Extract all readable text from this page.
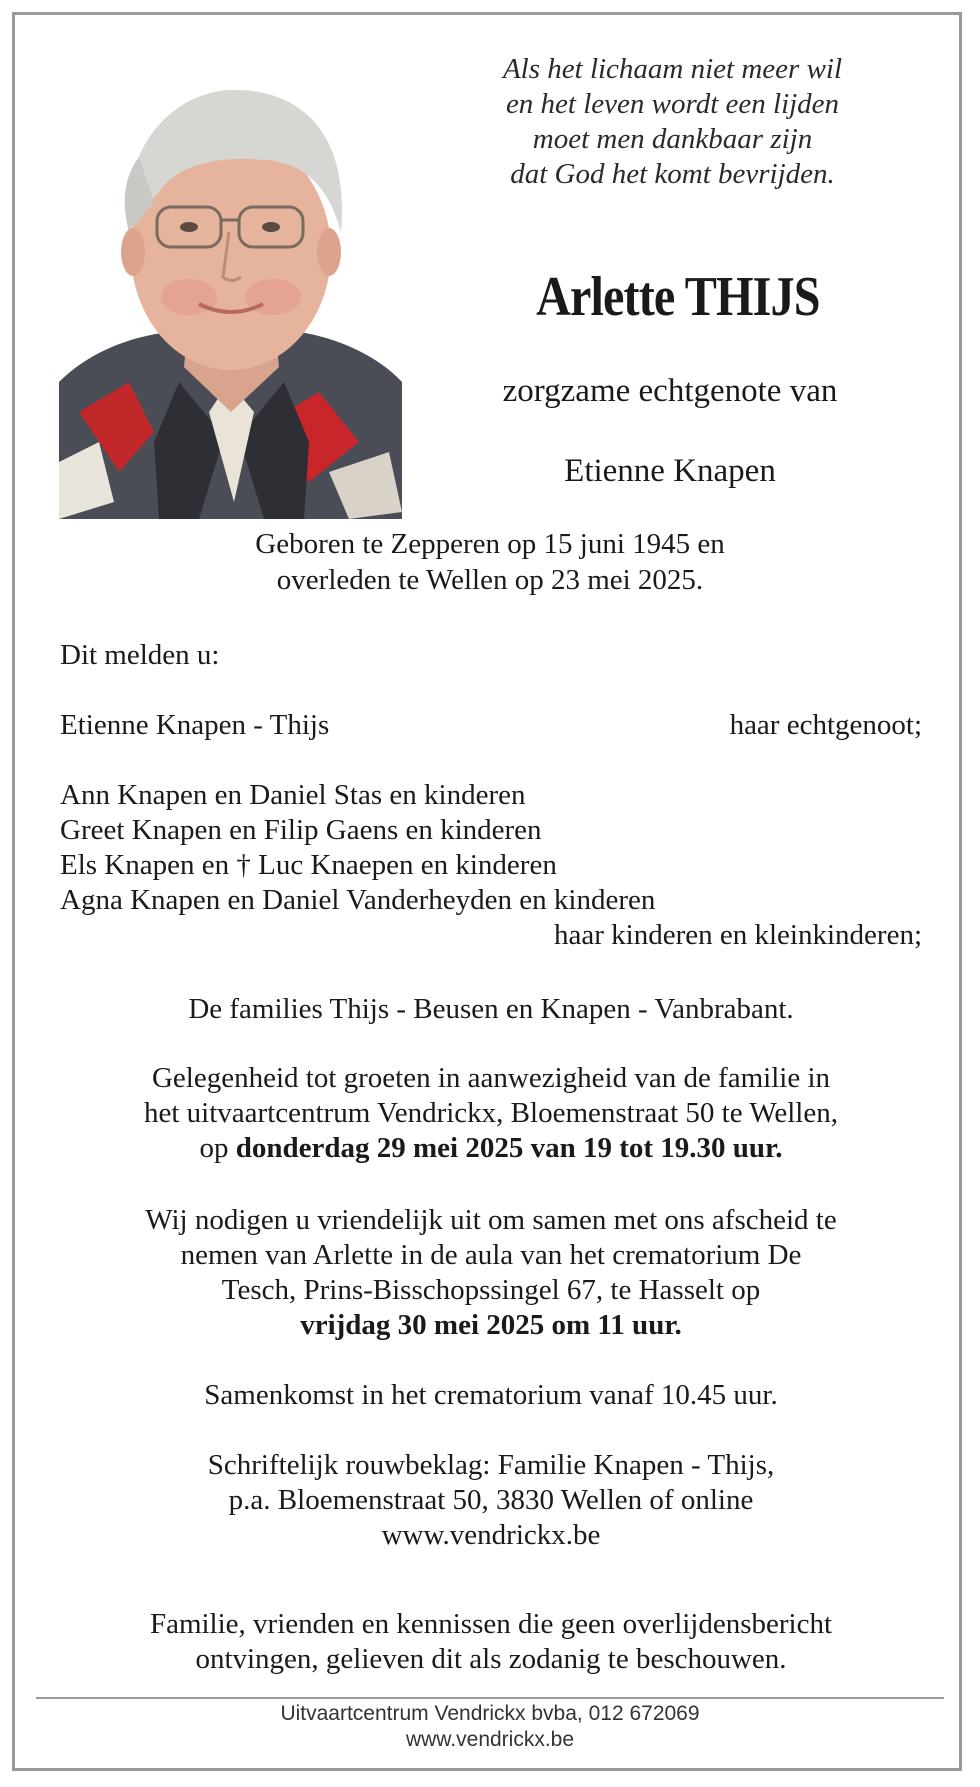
Als het lichaam niet meer wil
en het leven wordt een lijden
moet men dankbaar zijn
dat God het komt bevrijden.
Arlette THIJS
zorgzame echtgenote van
Etienne Knapen
Geboren te Zepperen op 15 juni 1945 en
overleden te Wellen op 23 mei 2025.
Dit melden u:
Etienne Knapen - Thijs	haar echtgenoot;
Ann Knapen en Daniel Stas en kinderen
Greet Knapen en Filip Gaens en kinderen
Els Knapen en † Luc Knaepen en kinderen
Agna Knapen en Daniel Vanderheyden en kinderen
haar kinderen en kleinkinderen;
De families Thijs - Beusen en Knapen - Vanbrabant.
Gelegenheid tot groeten in aanwezigheid van de familie in
het uitvaartcentrum Vendrickx, Bloemenstraat 50 te Wellen,
op donderdag 29 mei 2025 van 19 tot 19.30 uur.
Wij nodigen u vriendelijk uit om samen met ons afscheid te
nemen van Arlette in de aula van het crematorium De
Tesch, Prins-Bisschopssingel 67, te Hasselt op
vrijdag 30 mei 2025 om 11 uur.
Samenkomst in het crematorium vanaf 10.45 uur.
Schriftelijk rouwbeklag: Familie Knapen - Thijs,
p.a. Bloemenstraat 50, 3830 Wellen of online
www.vendrickx.be
Familie, vrienden en kennissen die geen overlijdensbericht
ontvingen, gelieven dit als zodanig te beschouwen.
Uitvaartcentrum Vendrickx bvba, 012 672069
www.vendrickx.be
